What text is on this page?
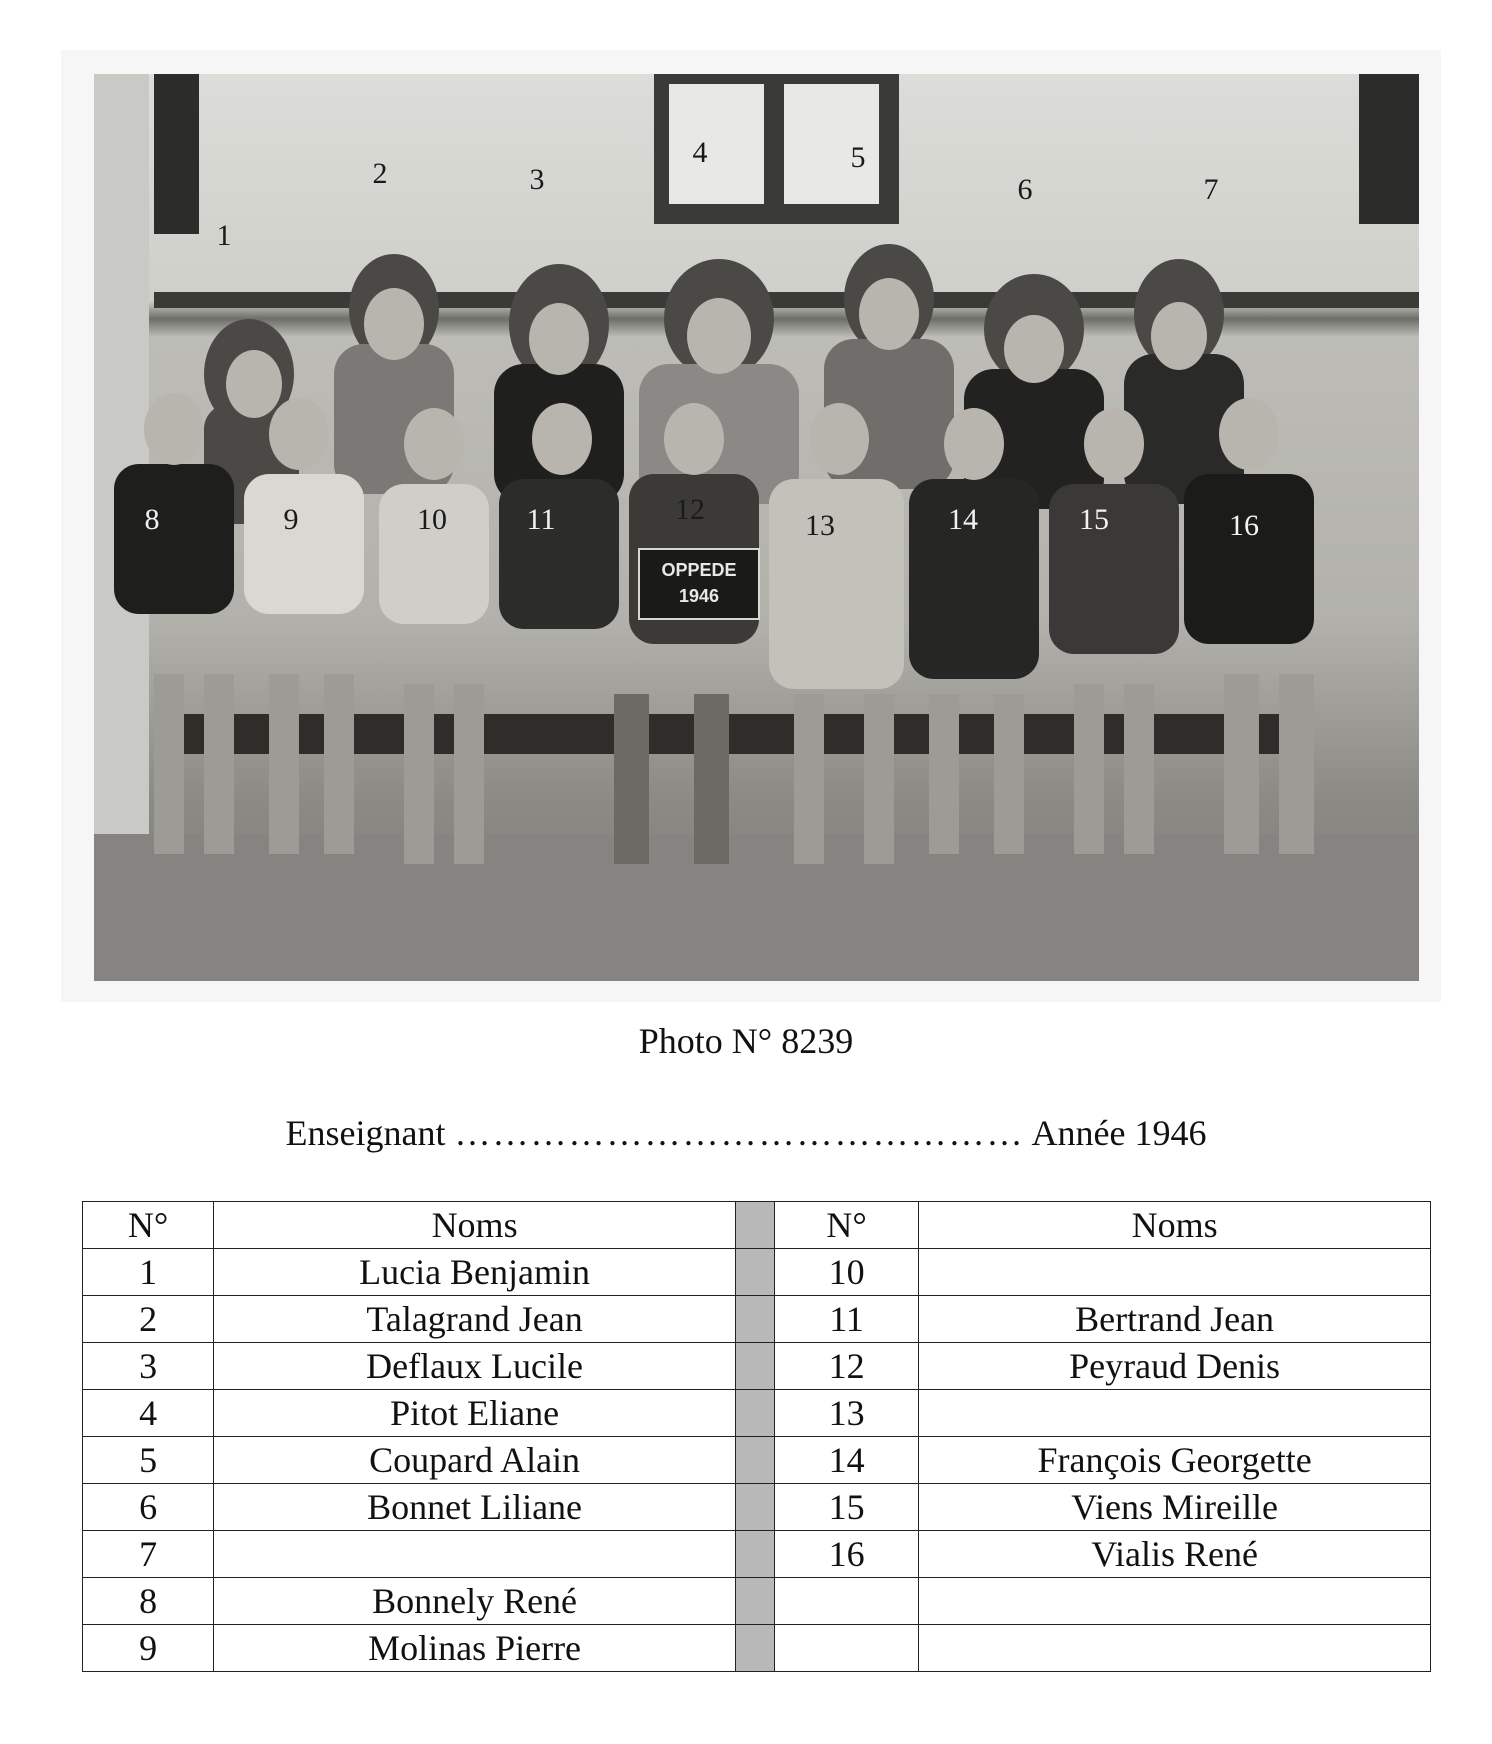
OPPEDE
1946
1
2	3
4	5
6	7
8	9	10	11	12	13	14	15	16
Photo N° 8239
Enseignant ……………………………………… Année 1946
N°	Noms		N°	Noms
1	Lucia Benjamin		10	
2	Talagrand Jean		11	Bertrand Jean
3	Deflaux Lucile		12	Peyraud Denis
4	Pitot Eliane		13	
5	Coupard Alain		14	François Georgette
6	Bonnet Liliane		15	Viens Mireille
7			16	Vialis René
8	Bonnely René			
9	Molinas Pierre			
